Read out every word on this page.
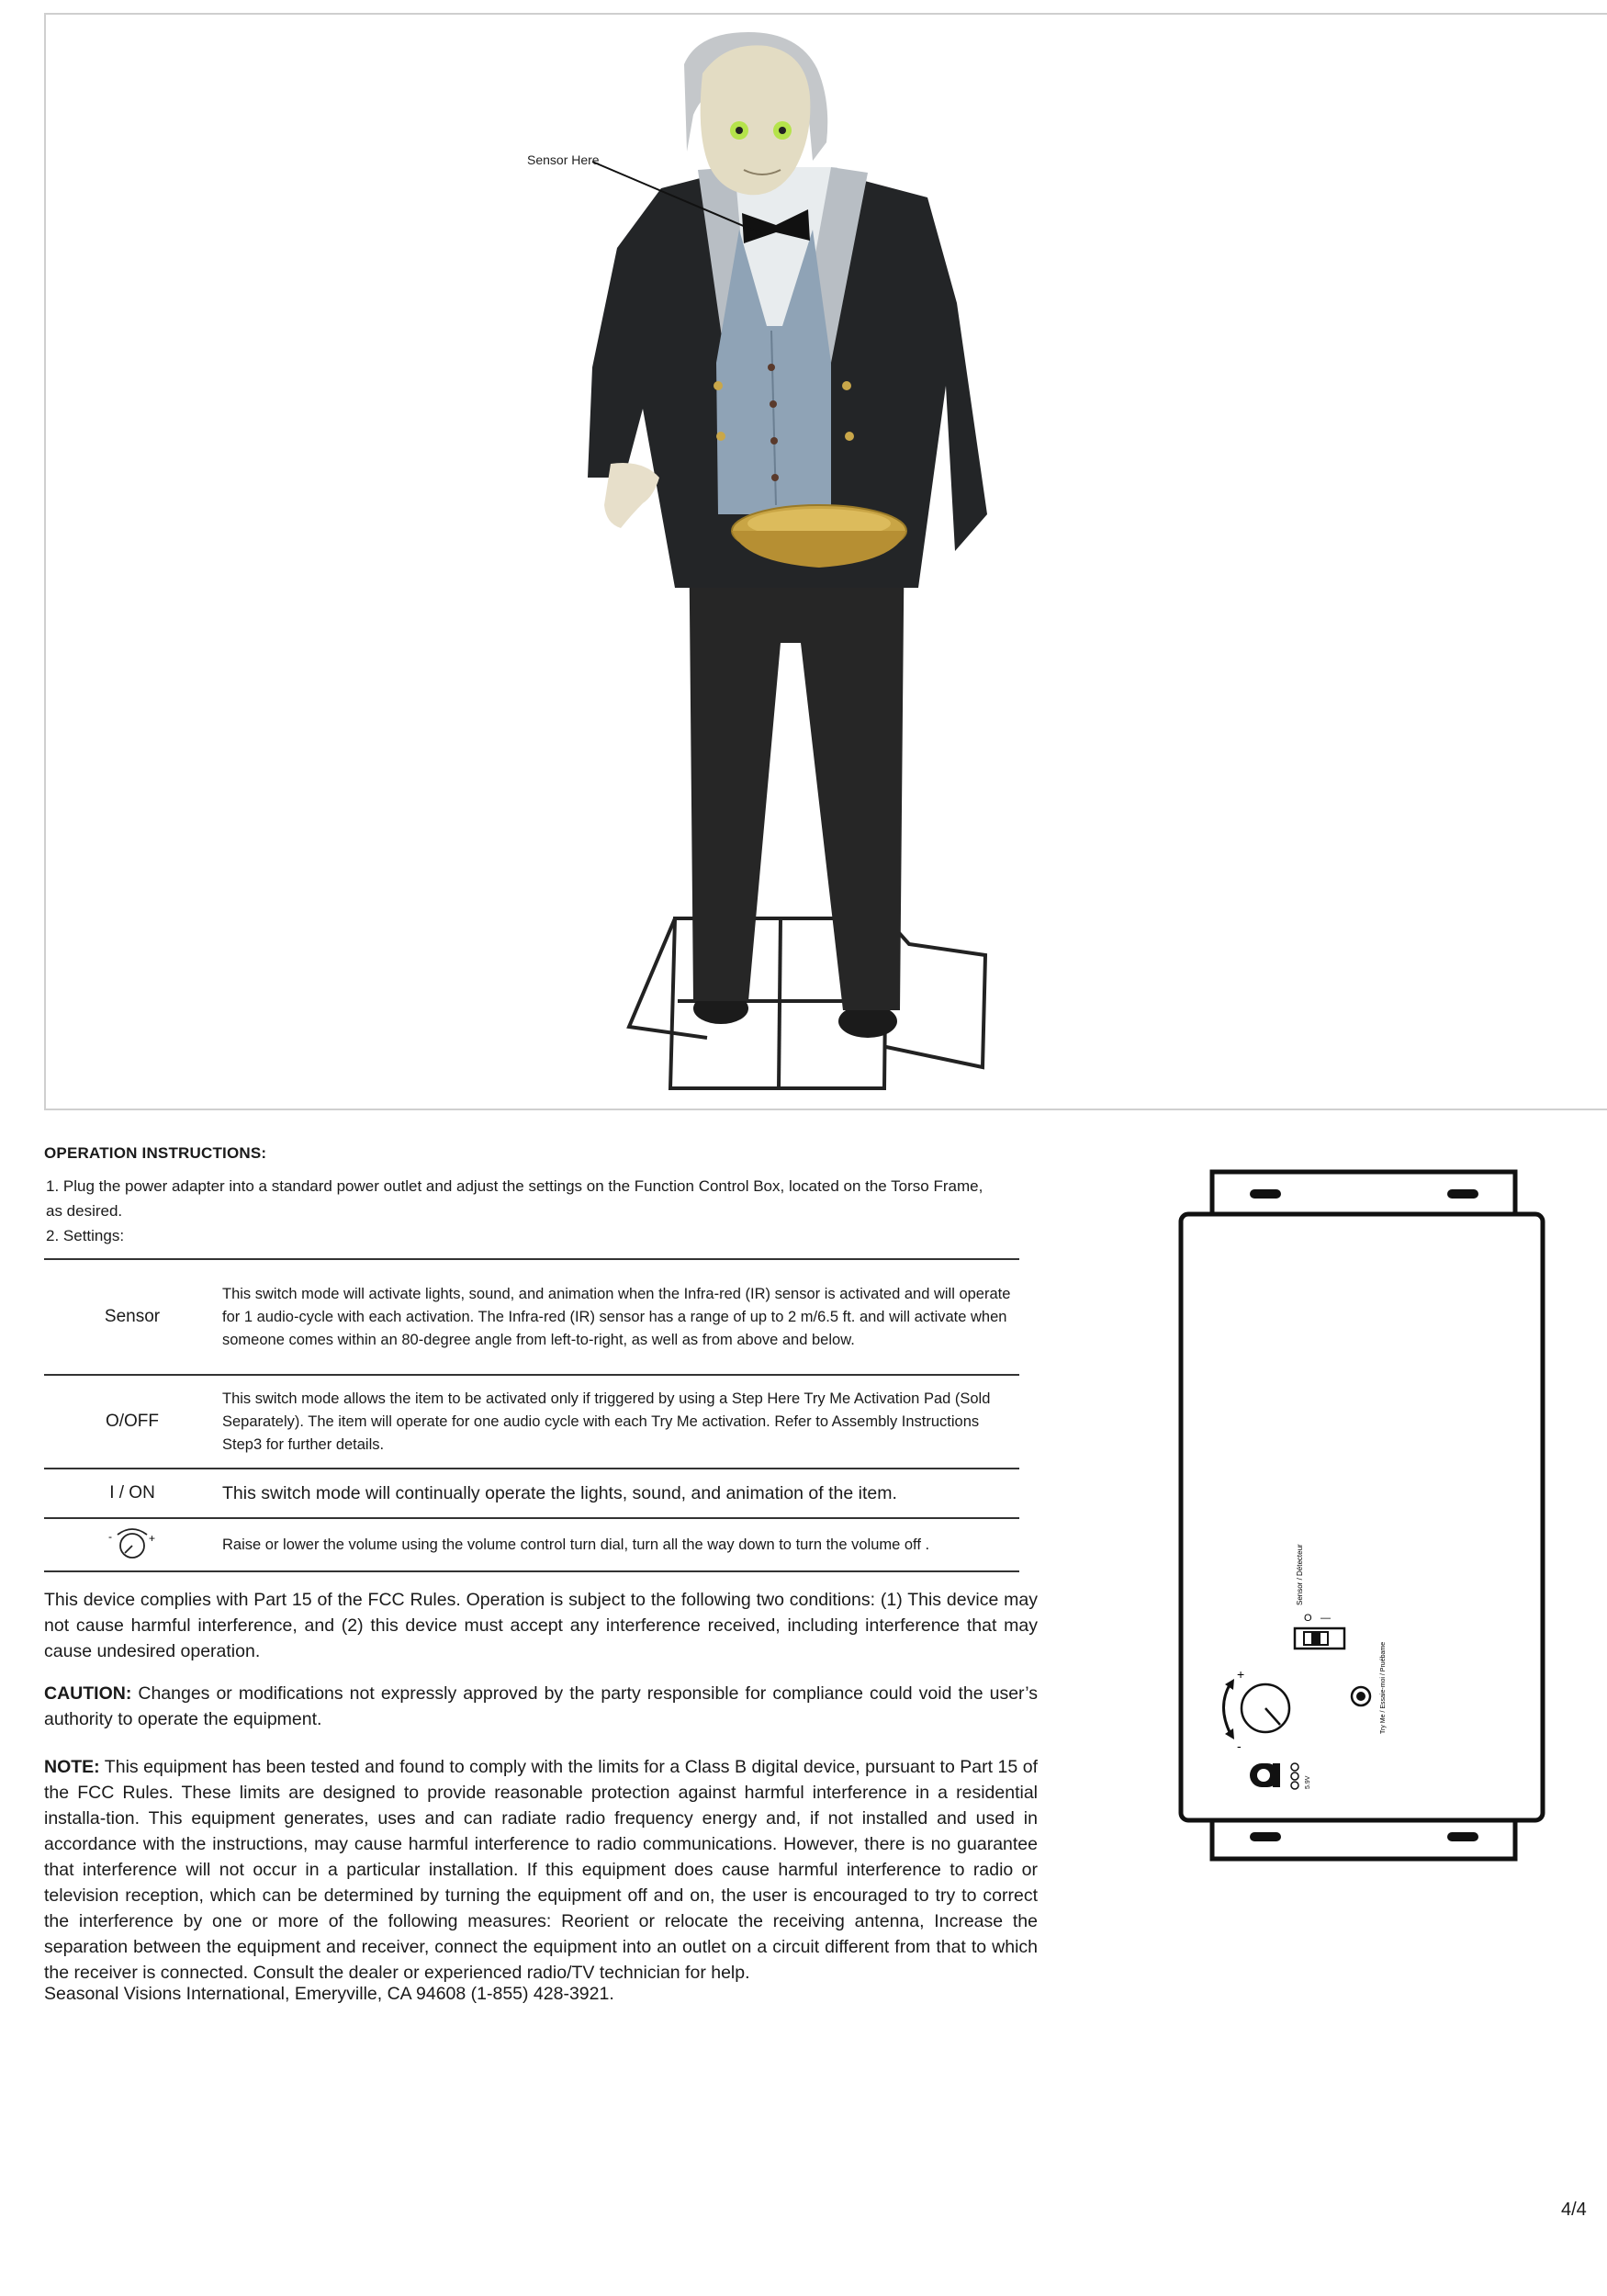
Sensor Here
OPERATION INSTRUCTIONS:

1. Plug the power adapter into a standard power outlet and adjust the settings on the Function Control Box, located on the Torso Frame, as desired.

2. Settings:

Sensor	This switch mode will activate lights, sound, and animation when the Infra-red (IR) sensor is activated and will operate for 1 audio-cycle with each activation. The Infra-red (IR) sensor has a range of up to 2 m/6.5 ft. and will activate when someone comes within an 80-degree angle from left-to-right, as well as from above and below.
O/OFF	This switch mode allows the item to be activated only if triggered by using a Step Here Try Me Activation Pad (Sold Separately). The item will operate for one audio cycle with each Try Me activation. Refer to Assembly Instructions Step3 for further details.
I / ON	This switch mode will continually operate the lights, sound, and animation of the item.

- +	Raise or lower the volume using the volume control turn dial, turn all the way down to turn the volume off .

This device complies with Part 15 of the FCC Rules. Operation is subject to the following two conditions: (1) This device may not cause harmful interference, and (2) this device must accept any interference received, including interference that may cause undesired operation.

CAUTION: Changes or modifications not expressly approved by the party responsible for compliance could void the user’s authority to operate the equipment.

NOTE: This equipment has been tested and found to comply with the limits for a Class B digital device, pursuant to Part 15 of the FCC Rules. These limits are designed to provide reasonable protection against harmful interference in a residential installa-tion. This equipment generates, uses and can radiate radio frequency energy and, if not installed and used in accordance with the instructions, may cause harmful interference to radio communications. However, there is no guarantee that interference will not occur in a particular installation. If this equipment does cause harmful interference to radio or television reception, which can be determined by turning the equipment off and on, the user is encouraged to try to correct the interference by one or more of the following measures: Reorient or relocate the receiving antenna, Increase the separation between the equipment and receiver, connect the equipment into an outlet on a circuit different from that to which the receiver is connected. Consult the dealer or experienced radio/TV technician for help.

Seasonal Visions International, Emeryville, CA 94608 (1-855) 428-3921.
Sensor / Détecteur
O —
+
-
Try Me / Essaie-moi / Pruébame
5.9V
4/4
